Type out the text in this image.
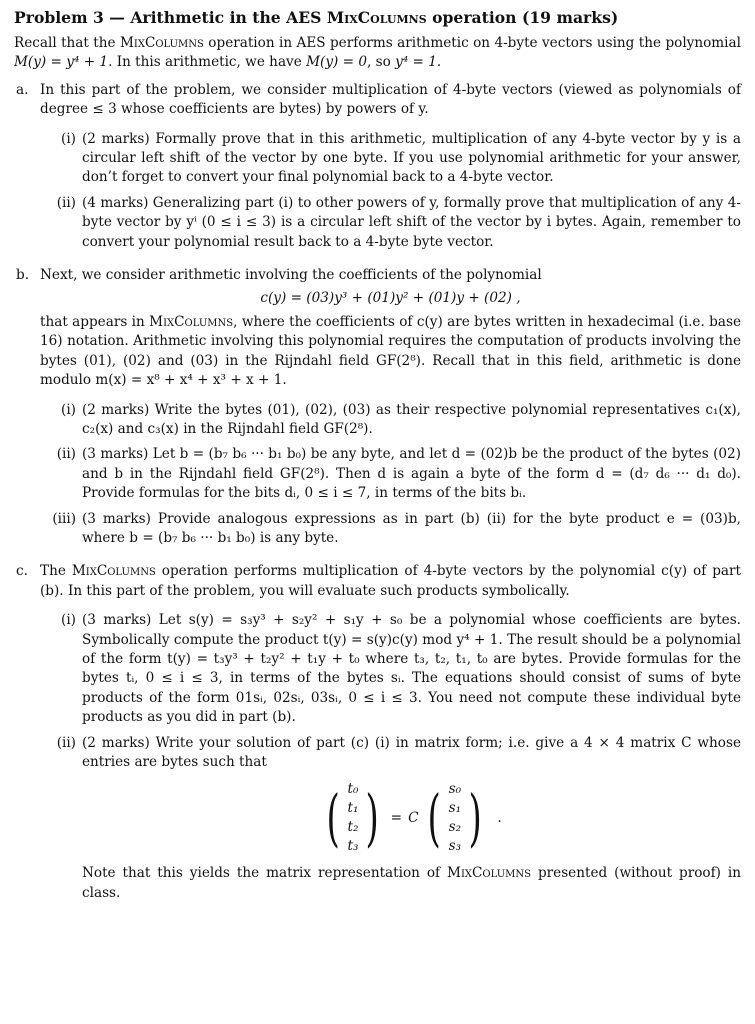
Problem 3 — Arithmetic in the AES MixColumns operation (19 marks)
Recall that the MixColumns operation in AES performs arithmetic on 4-byte vectors using the polynomial M(y) = y⁴ + 1. In this arithmetic, we have M(y) = 0, so y⁴ = 1.
a. In this part of the problem, we consider multiplication of 4-byte vectors (viewed as polynomials of degree ≤ 3 whose coefficients are bytes) by powers of y.
(i) (2 marks) Formally prove that in this arithmetic, multiplication of any 4-byte vector by y is a circular left shift of the vector by one byte. If you use polynomial arithmetic for your answer, don’t forget to convert your final polynomial back to a 4-byte vector.
(ii) (4 marks) Generalizing part (i) to other powers of y, formally prove that multiplication of any 4-byte vector by yⁱ (0 ≤ i ≤ 3) is a circular left shift of the vector by i bytes. Again, remember to convert your polynomial result back to a 4-byte byte vector.
b. Next, we consider arithmetic involving the coefficients of the polynomial
c(y) = (03)y³ + (01)y² + (01)y + (02) ,
that appears in MixColumns, where the coefficients of c(y) are bytes written in hexadecimal (i.e. base 16) notation. Arithmetic involving this polynomial requires the computation of products involving the bytes (01), (02) and (03) in the Rijndahl field GF(2⁸). Recall that in this field, arithmetic is done modulo m(x) = x⁸ + x⁴ + x³ + x + 1.
(i) (2 marks) Write the bytes (01), (02), (03) as their respective polynomial representatives c₁(x), c₂(x) and c₃(x) in the Rijndahl field GF(2⁸).
(ii) (3 marks) Let b = (b₇ b₆ ··· b₁ b₀) be any byte, and let d = (02)b be the product of the bytes (02) and b in the Rijndahl field GF(2⁸). Then d is again a byte of the form d = (d₇ d₆ ··· d₁ d₀). Provide formulas for the bits dᵢ, 0 ≤ i ≤ 7, in terms of the bits bᵢ.
(iii) (3 marks) Provide analogous expressions as in part (b) (ii) for the byte product e = (03)b, where b = (b₇ b₆ ··· b₁ b₀) is any byte.
c. The MixColumns operation performs multiplication of 4-byte vectors by the polynomial c(y) of part (b). In this part of the problem, you will evaluate such products symbolically.
(i) (3 marks) Let s(y) = s₃y³ + s₂y² + s₁y + s₀ be a polynomial whose coefficients are bytes. Symbolically compute the product t(y) = s(y)c(y) mod y⁴ + 1. The result should be a polynomial of the form t(y) = t₃y³ + t₂y² + t₁y + t₀ where t₃, t₂, t₁, t₀ are bytes. Provide formulas for the bytes tᵢ, 0 ≤ i ≤ 3, in terms of the bytes sᵢ. The equations should consist of sums of byte products of the form 01sᵢ, 02sᵢ, 03sᵢ, 0 ≤ i ≤ 3. You need not compute these individual byte products as you did in part (b).
(ii) (2 marks) Write your solution of part (c) (i) in matrix form; i.e. give a 4 × 4 matrix C whose entries are bytes such that
( t₀
t₁
t₂
t₃ ) = C ( s₀
s₁
s₂
s₃ )	.
Note that this yields the matrix representation of MixColumns presented (without proof) in class.
